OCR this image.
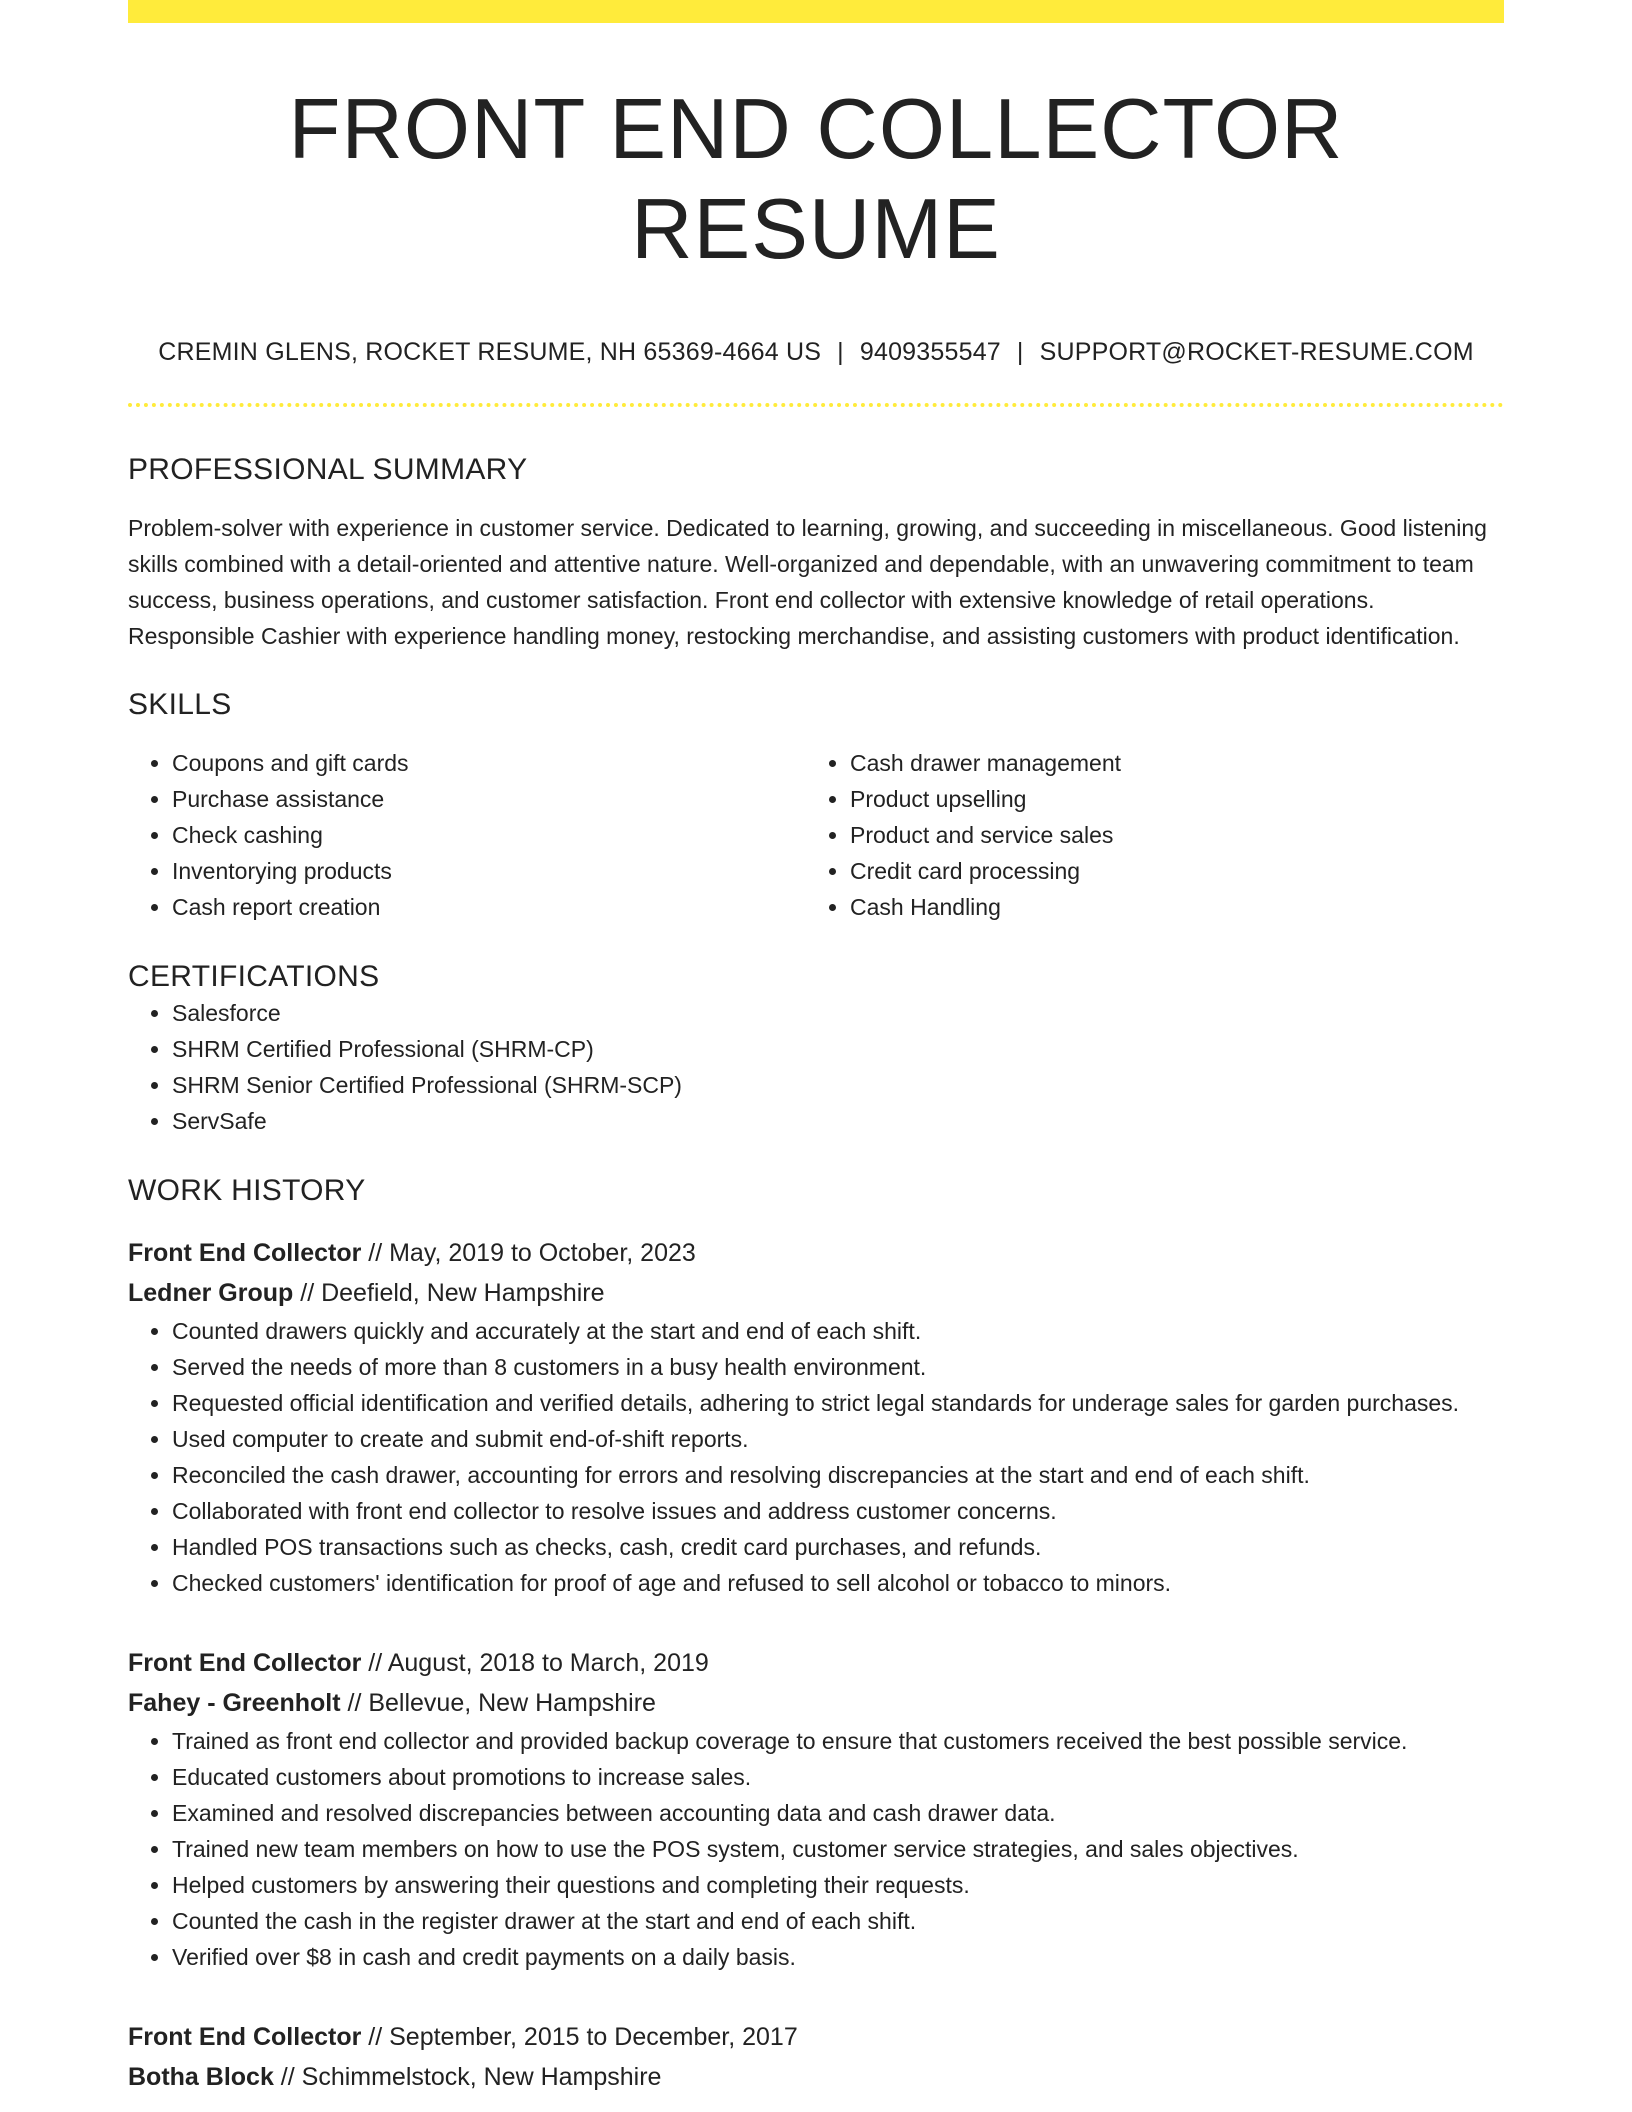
FRONT END COLLECTOR RESUME
CREMIN GLENS, ROCKET RESUME, NH 65369-4664 US | 9409355547 | SUPPORT@ROCKET-RESUME.COM
PROFESSIONAL SUMMARY

Problem-solver with experience in customer service. Dedicated to learning, growing, and succeeding in miscellaneous. Good listening skills combined with a detail-oriented and attentive nature. Well-organized and dependable, with an unwavering commitment to team success, business operations, and customer satisfaction. Front end collector with extensive knowledge of retail operations. Responsible Cashier with experience handling money, restocking merchandise, and assisting customers with product identification.

SKILLS
• Coupons and gift cards
• Purchase assistance
• Check cashing
• Inventorying products
• Cash report creation
• Cash drawer management
• Product upselling
• Product and service sales
• Credit card processing
• Cash Handling
CERTIFICATIONS
• Salesforce
• SHRM Certified Professional (SHRM-CP)
• SHRM Senior Certified Professional (SHRM-SCP)
• ServSafe
WORK HISTORY
Front End Collector // May, 2019 to October, 2023
Ledner Group // Deefield, New Hampshire
• Counted drawers quickly and accurately at the start and end of each shift.
• Served the needs of more than 8 customers in a busy health environment.
• Requested official identification and verified details, adhering to strict legal standards for underage sales for garden purchases.
• Used computer to create and submit end-of-shift reports.
• Reconciled the cash drawer, accounting for errors and resolving discrepancies at the start and end of each shift.
• Collaborated with front end collector to resolve issues and address customer concerns.
• Handled POS transactions such as checks, cash, credit card purchases, and refunds.
• Checked customers' identification for proof of age and refused to sell alcohol or tobacco to minors.
Front End Collector // August, 2018 to March, 2019
Fahey - Greenholt // Bellevue, New Hampshire
• Trained as front end collector and provided backup coverage to ensure that customers received the best possible service.
• Educated customers about promotions to increase sales.
• Examined and resolved discrepancies between accounting data and cash drawer data.
• Trained new team members on how to use the POS system, customer service strategies, and sales objectives.
• Helped customers by answering their questions and completing their requests.
• Counted the cash in the register drawer at the start and end of each shift.
• Verified over $8 in cash and credit payments on a daily basis.
Front End Collector // September, 2015 to December, 2017
Botha Block // Schimmelstock, New Hampshire
